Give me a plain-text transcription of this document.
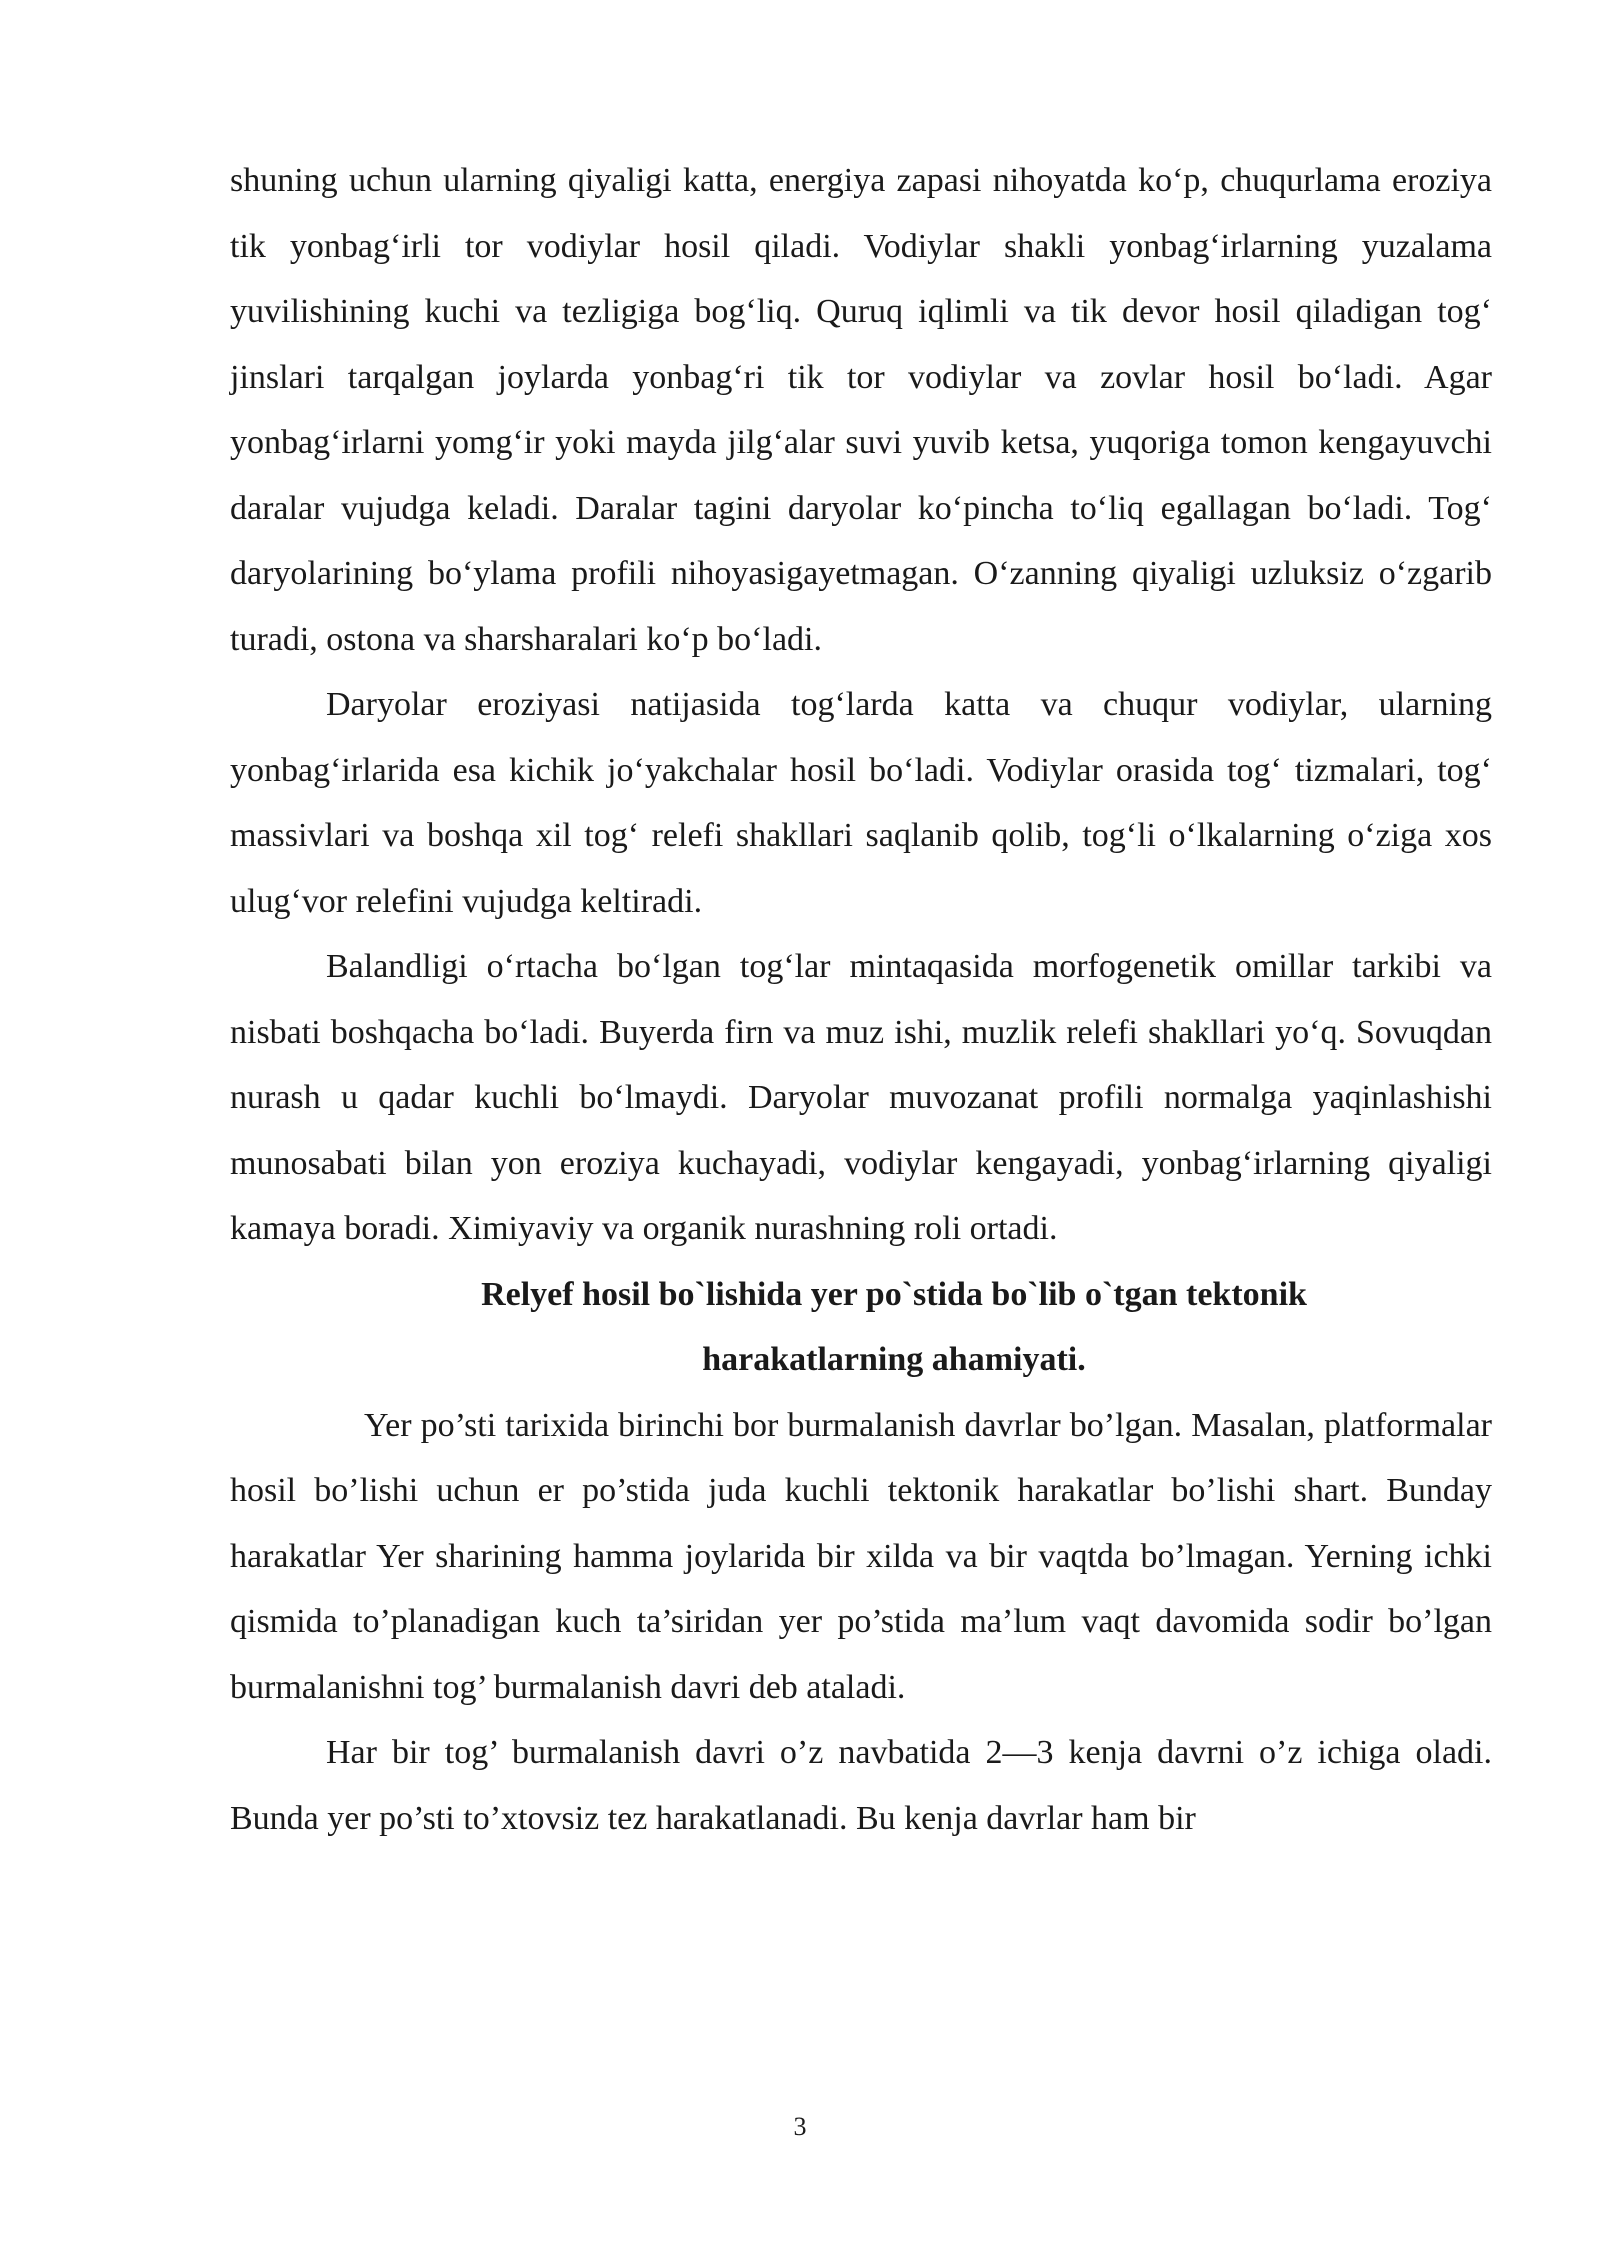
shuning uchun ularning qiyaligi katta, energiya zapasi nihoyatda ko‘p, chuqurlama eroziya tik yonbag‘irli tor vodiylar hosil qiladi. Vodiylar shakli yonbag‘irlarning yuzalama yuvilishining kuchi va tezligiga bog‘liq. Quruq iqlimli va tik devor hosil qiladigan tog‘ jinslari tarqalgan joylarda yonbag‘ri tik tor vodiylar va zovlar hosil bo‘ladi. Agar yonbag‘irlarni yomg‘ir yoki mayda jilg‘alar suvi yuvib ketsa, yuqoriga tomon kengayuvchi daralar vujudga keladi. Daralar tagini daryolar ko‘pincha to‘liq egallagan bo‘ladi. Tog‘ daryolarining bo‘ylama profili nihoyasigayetmagan. O‘zanning qiyaligi uzluksiz o‘zgarib turadi, ostona va sharsharalari ko‘p bo‘ladi.

Daryolar eroziyasi natijasida tog‘larda katta va chuqur vodiylar, ularning yonbag‘irlarida esa kichik jo‘yakchalar hosil bo‘ladi. Vodiylar orasida tog‘ tizmalari, tog‘ massivlari va boshqa xil tog‘ relefi shakllari saqlanib qolib, tog‘li o‘lkalarning o‘ziga xos ulug‘vor relefini vujudga keltiradi.

Balandligi o‘rtacha bo‘lgan tog‘lar mintaqasida morfogenetik omillar tarkibi va nisbati boshqacha bo‘ladi. Buyerda firn va muz ishi, muzlik relefi shakllari yo‘q. Sovuqdan nurash u qadar kuchli bo‘lmaydi. Daryolar muvozanat profili normalga yaqinlashishi munosabati bilan yon eroziya kuchayadi, vodiylar kengayadi, yonbag‘irlarning qiyaligi kamaya boradi. Ximiyaviy va organik nurashning roli ortadi.

Relyef hosil bo`lishida yer po`stida bo`lib o`tgan tektonik

harakatlarning ahamiyati.

Yer po’sti tarixida birinchi bor burmalanish davrlar bo’lgan. Masalan, platformalar hosil bo’lishi uchun er po’stida juda kuchli tektonik harakatlar bo’lishi shart. Bunday harakatlar Yer sharining hamma joylarida bir xilda va bir vaqtda bo’lmagan. Yerning ichki qismida to’planadigan kuch ta’siridan yer po’stida ma’lum vaqt davomida sodir bo’lgan burmalanishni tog’ burmalanish davri deb ataladi.

Har bir tog’ burmalanish davri o’z navbatida 2—3 kenja davrni o’z ichiga oladi. Bunda yer po’sti to’xtovsiz tez harakatlanadi. Bu kenja davrlar ham bir

3
